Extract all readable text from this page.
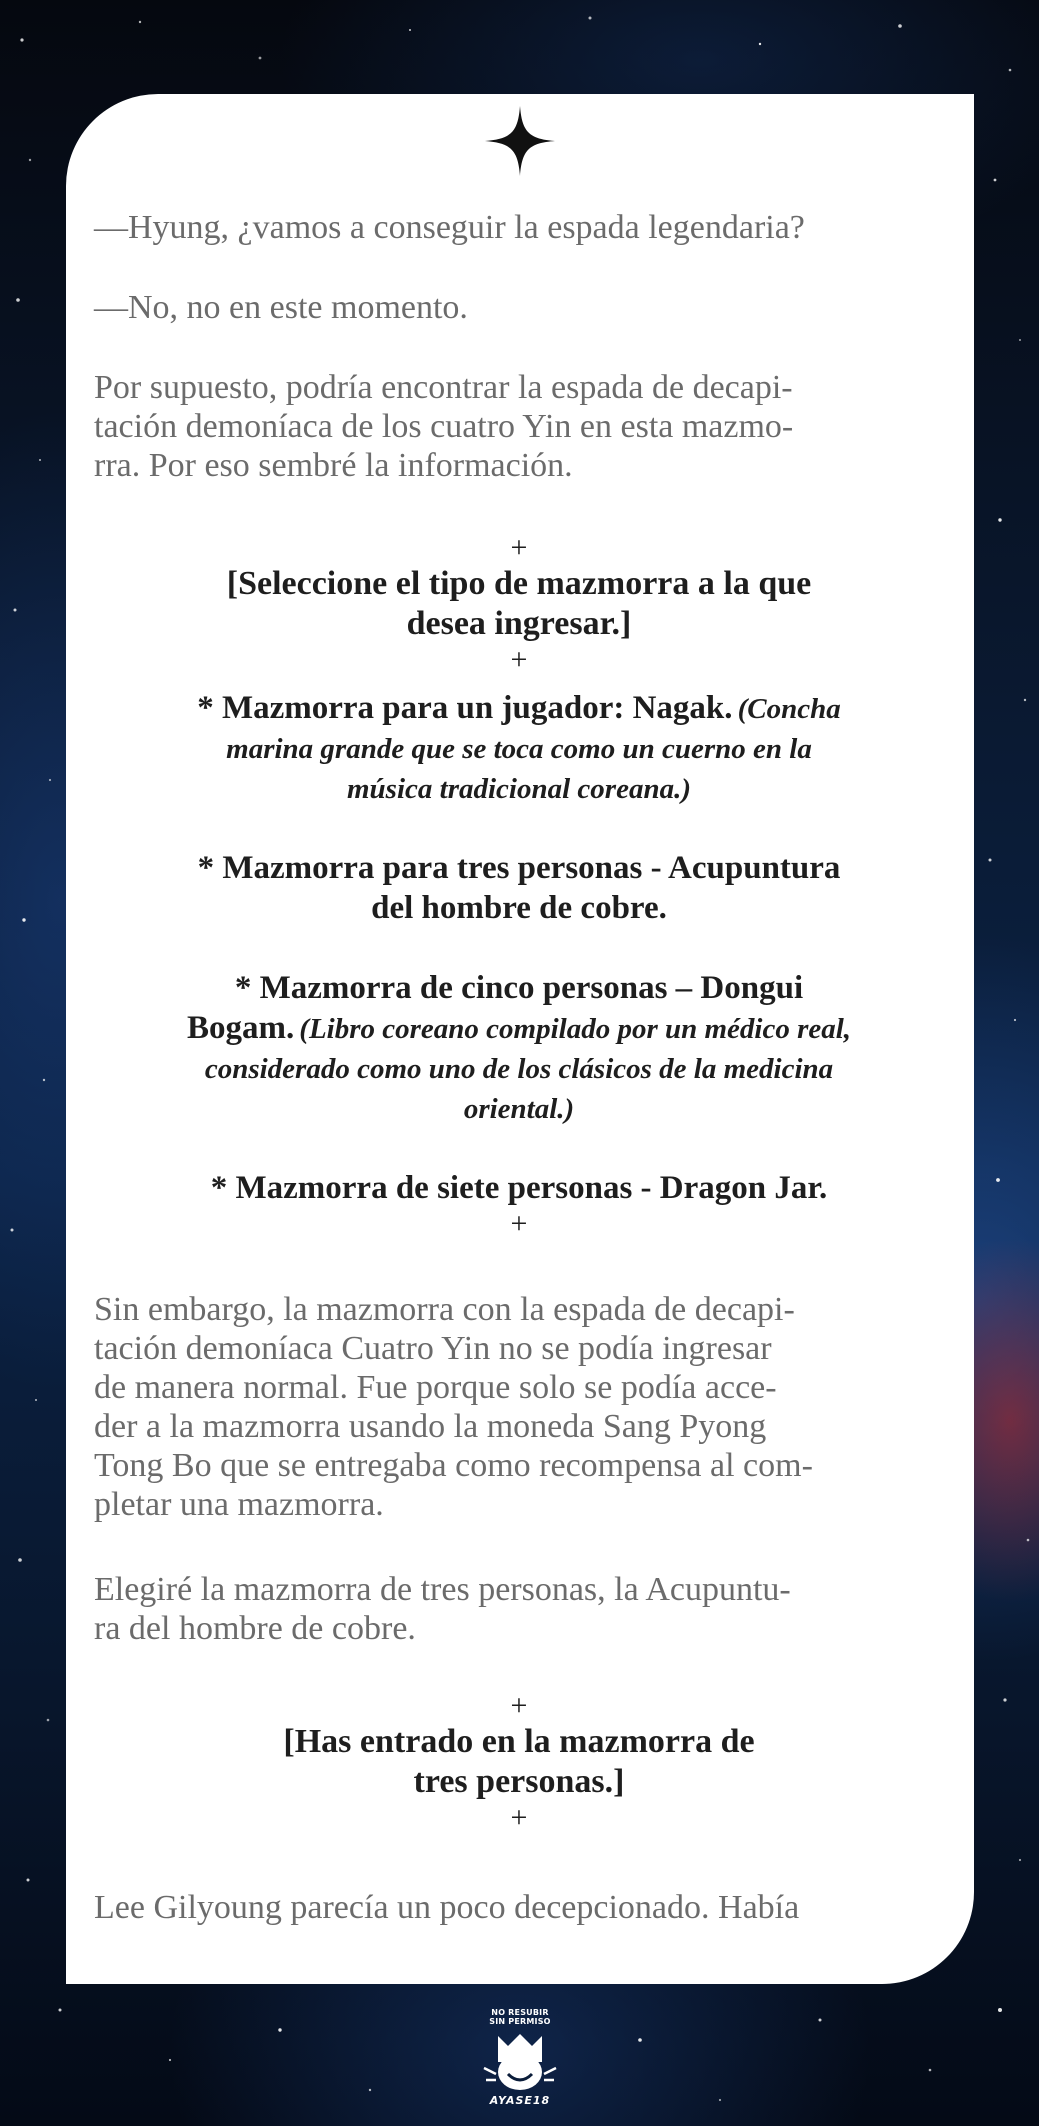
—Hyung, ¿vamos a conseguir la espada legendaria?

—No, no en este momento.

Por supuesto, podría encontrar la espada de decapi-
tación demoníaca de los cuatro Yin en esta mazmo-
rra. Por eso sembré la información.
+
[Seleccione el tipo de mazmorra a la que
desea ingresar.]
+
* Mazmorra para un jugador: Nagak. (Concha
marina grande que se toca como un cuerno en la
música tradicional coreana.)
* Mazmorra para tres personas - Acupuntura
del hombre de cobre.
* Mazmorra de cinco personas – Dongui
Bogam. (Libro coreano compilado por un médico real,
considerado como uno de los clásicos de la medicina
oriental.)
* Mazmorra de siete personas - Dragon Jar.
+
Sin embargo, la mazmorra con la espada de decapi-
tación demoníaca Cuatro Yin no se podía ingresar
de manera normal. Fue porque solo se podía acce-
der a la mazmorra usando la moneda Sang Pyong
Tong Bo que se entregaba como recompensa al com-
pletar una mazmorra.
Elegiré la mazmorra de tres personas, la Acupuntu-
ra del hombre de cobre.
+
[Has entrado en la mazmorra de
tres personas.]
+

Lee Gilyoung parecía un poco decepcionado. Había

NO RESUBIR
SIN PERMISO
AYASE18
